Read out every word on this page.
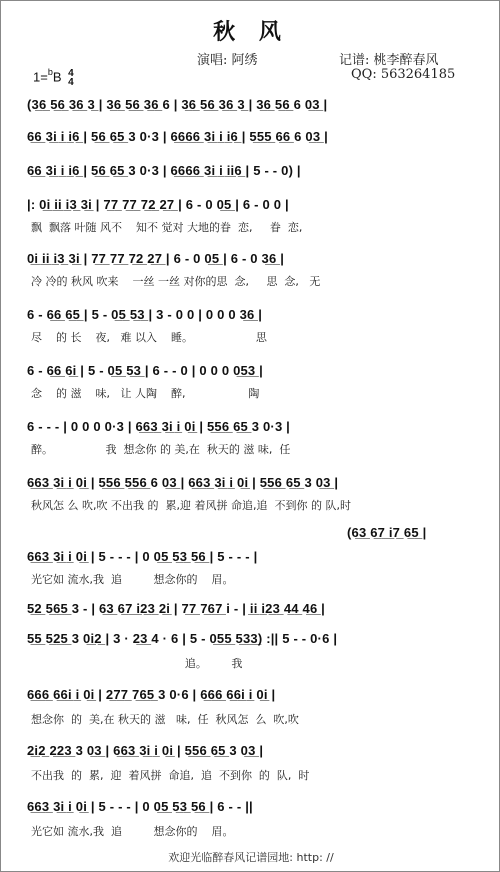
秋 风
演唱: 阿绣	记谱: 桃李醉春风
QQ: 563264185
1=$^b$B 4
4
(3̲6̲ 5̲6̲ 3̲6̲ 3̲ | 3̲6̲ 5̲6̲ 3̲6̲ 6 | 3̲6̲ 5̲6̲ 3̲6̲ 3̲ | 3̲6̲ 5̲6̲ 6 0̲3̲ |
6̲6̲ 3̲i̲ i̲ i̲6̲ | 5̲6̲ 6̲5̲ 3 0·3 | 6̲6̲6̲6̲ 3̲i̲ i̲ i̲6̲ | 5̲5̲5̲ 6̲6̲ 6 0̲3̲ |
6̲6̲ 3̲i̲ i̲ i̲6̲ | 5̲6̲ 6̲5̲ 3 0·3 | 6̲6̲6̲6̲ 3̲i̲ i̲ i̲i̲6̲ | 5 - - 0) |
|: 0̲i̲ i̲i̲ i̲3̲ 3̲i̲ | 7̲7̲ 7̲7̲ 7̲2̲ 2̲7̲ | 6 - 0 0̲5̲ | 6 - 0 0 |
飘  飘落 叶随 风不    知不 觉对 大地的眷  恋,     眷  恋,
0̲i̲ i̲i̲ i̲3̲ 3̲i̲ | 7̲7̲ 7̲7̲ 7̲2̲ 2̲7̲ | 6 - 0 0̲5̲ | 6 - 0 3̲6̲ |
冷 冷的 秋风 吹来    一丝 一丝 对你的思  念,     思  念,   无
6 - 6̲6̲ 6̲5̲ | 5 - 0̲5̲ 5̲3̲ | 3 - 0 0 | 0 0 0 3̲6̲ |
尽    的 长    夜,   难 以入    睡。                  思
6 - 6̲6̲ 6̲i̲ | 5 - 0̲5̲ 5̲3̲ | 6 - - 0 | 0 0 0 0̲5̲3̲ |
念    的 滋    味,   让 人陶    醉,                  陶
6 - - - | 0 0 0 0·3 | 6̲6̲3̲ 3̲i̲ i̲ 0̲i̲ | 5̲5̲6̲ 6̲5̲ 3 0·3 |
醉。               我  想念你 的 美,在  秋天的 滋 味,  任
6̲6̲3̲ 3̲i̲ i̲ 0̲i̲ | 5̲5̲6̲ 5̲5̲6̲ 6 0̲3̲ | 6̲6̲3̲ 3̲i̲ i̲ 0̲i̲ | 5̲5̲6̲ 6̲5̲ 3 0̲3̲ |
秋风怎 么 吹,吹 不出我 的  累,迎 着风拼 命追,追  不到你 的 队,时
(6̲3̲ 6̲7̲ i̲7̲ 6̲5̲ |
6̲6̲3̲ 3̲i̲ i̲ 0̲i̲ | 5 - - - | 0 0̲5̲ 5̲3̲ 5̲6̲ | 5 - - - |
光它如 流水,我  追         想念你的    眉。
5̲2̲ 5̲6̲5̲ 3 - | 6̲3̲ 6̲7̲ i̲2̲3̲ 2̲i̲ | 7̲7̲ 7̲6̲7̲ i - | i̲i̲ i̲2̲3̲ 4̲4̲ 4̲6̲ |
5̲5̲ 5̲2̲5̲ 3 0̲i̲2̲ | 3 · 2̲3̲ 4 · 6 | 5 - 0̲5̲5̲ 5̲3̲3̲) :|| 5 - - 0·6 |
追。       我
6̲6̲6̲ 6̲6̲i̲ i̲ 0̲i̲ | 2̲7̲7̲ 7̲6̲5̲ 3 0·6 | 6̲6̲6̲ 6̲6̲i̲ i̲ 0̲i̲ |
想念你  的  美,在 秋天的 滋   味,  任  秋风怎  么  吹,吹
2̲i̲2̲ 2̲2̲3̲ 3 0̲3̲ | 6̲6̲3̲ 3̲i̲ i̲ 0̲i̲ | 5̲5̲6̲ 6̲5̲ 3 0̲3̲ |
不出我  的  累,  迎  着风拼  命追,  追  不到你  的  队,  时
6̲6̲3̲ 3̲i̲ i̲ 0̲i̲ | 5 - - - | 0 0̲5̲ 5̲3̲ 5̲6̲ | 6 - - ||
光它如 流水,我  追         想念你的    眉。
欢迎光临醉春风记谱园地: http: //
